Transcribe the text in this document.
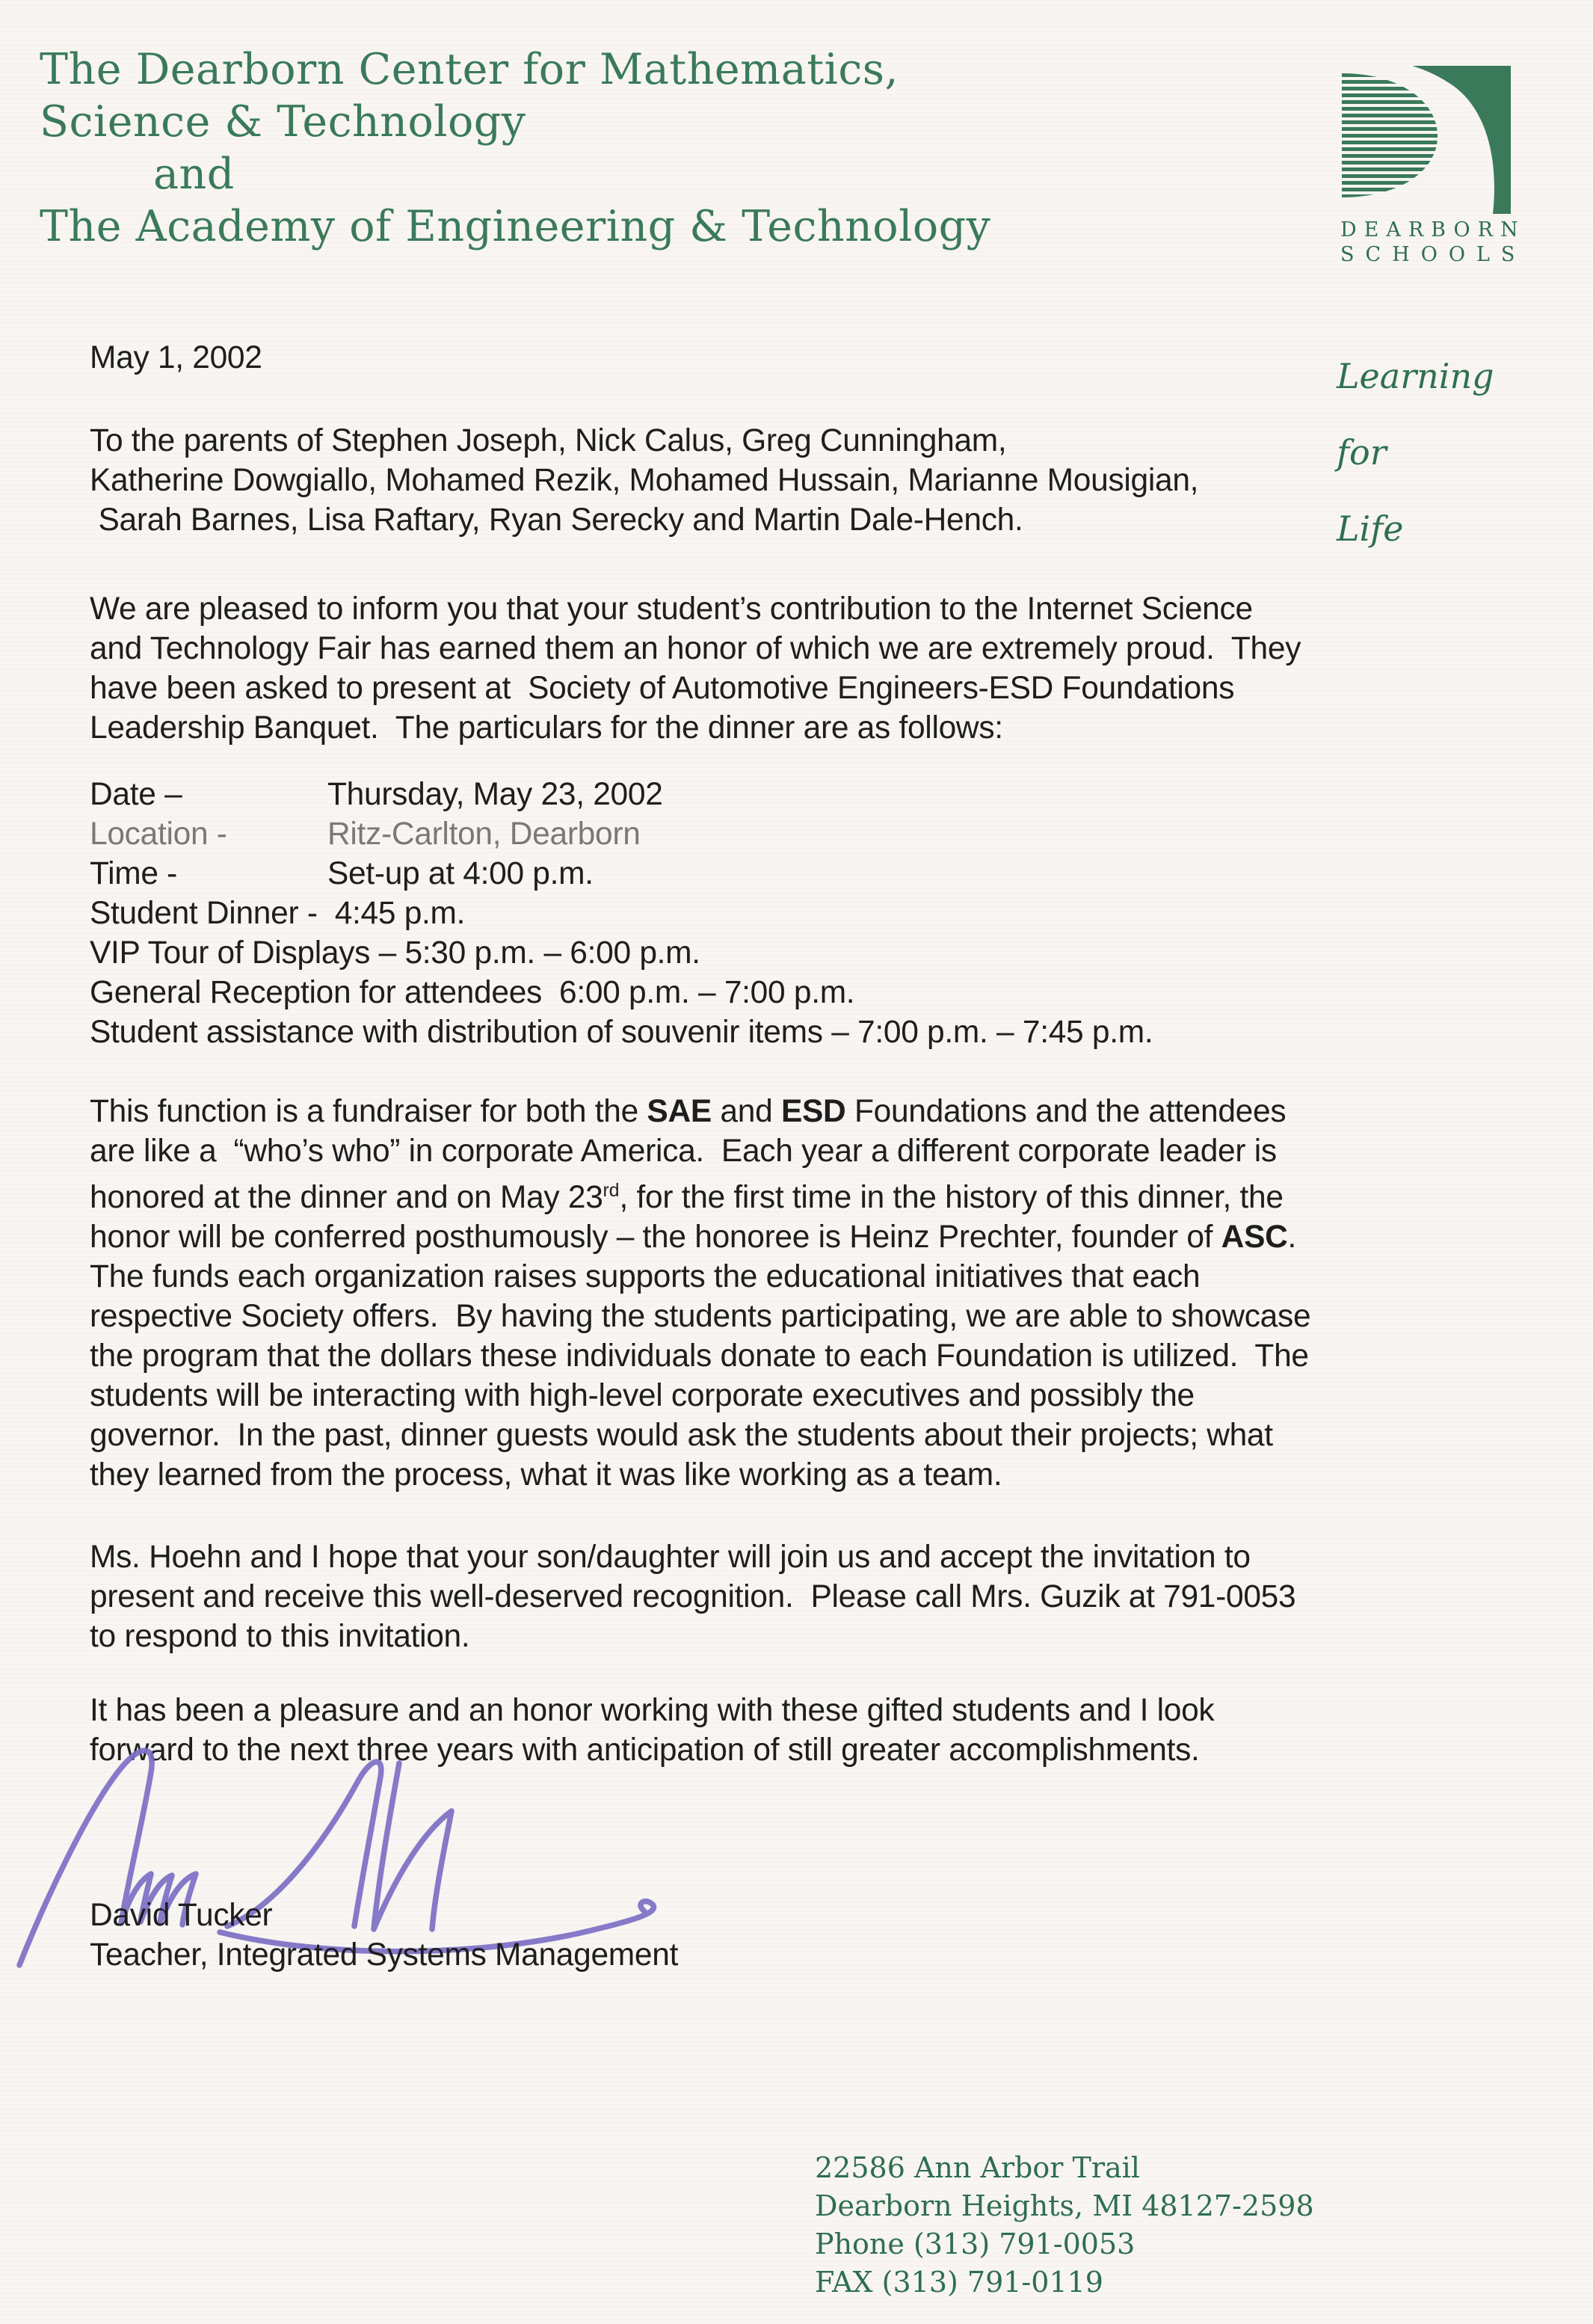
The Dearborn Center for Mathematics,
Science & Technology
and
The Academy of Engineering & Technology	DEARBORN
SCHOOLS
Learning
for
Life
May 1, 2002
To the parents of Stephen Joseph, Nick Calus, Greg Cunningham,
Katherine Dowgiallo, Mohamed Rezik, Mohamed Hussain, Marianne Mousigian,
Sarah Barnes, Lisa Raftary, Ryan Serecky and Martin Dale-Hench.
We are pleased to inform you that your student’s contribution to the Internet Science
and Technology Fair has earned them an honor of which we are extremely proud.  They
have been asked to present at  Society of Automotive Engineers-ESD Foundations
Leadership Banquet.  The particulars for the dinner are as follows:
Date –	Thursday, May 23, 2002
Location -	Ritz-Carlton, Dearborn
Time -	Set-up at 4:00 p.m.
Student Dinner -  4:45 p.m.
VIP Tour of Displays – 5:30 p.m. – 6:00 p.m.
General Reception for attendees  6:00 p.m. – 7:00 p.m.
Student assistance with distribution of souvenir items – 7:00 p.m. – 7:45 p.m.
This function is a fundraiser for both the SAE and ESD Foundations and the attendees
are like a  “who’s who” in corporate America.  Each year a different corporate leader is
honored at the dinner and on May 23rd, for the first time in the history of this dinner, the
honor will be conferred posthumously – the honoree is Heinz Prechter, founder of ASC.
The funds each organization raises supports the educational initiatives that each
respective Society offers.  By having the students participating, we are able to showcase
the program that the dollars these individuals donate to each Foundation is utilized.  The
students will be interacting with high-level corporate executives and possibly the
governor.  In the past, dinner guests would ask the students about their projects; what
they learned from the process, what it was like working as a team.
Ms. Hoehn and I hope that your son/daughter will join us and accept the invitation to
present and receive this well-deserved recognition.  Please call Mrs. Guzik at 791-0053
to respond to this invitation.
It has been a pleasure and an honor working with these gifted students and I look
forward to the next three years with anticipation of still greater accomplishments.
David Tucker
Teacher, Integrated Systems Management
22586 Ann Arbor Trail
Dearborn Heights, MI 48127-2598
Phone (313) 791-0053
FAX (313) 791-0119
